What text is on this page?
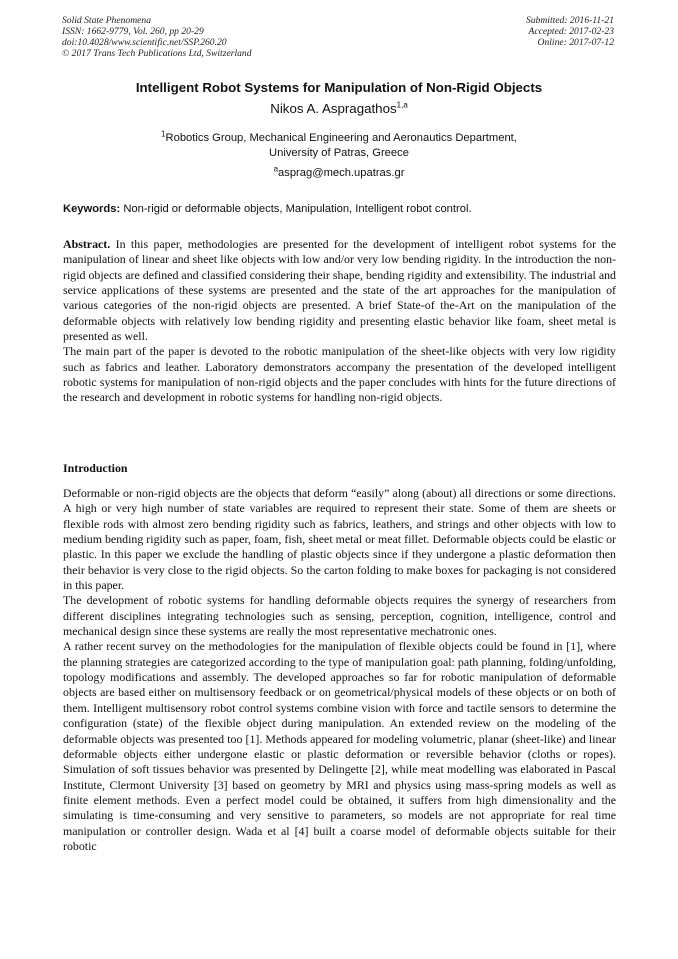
Solid State Phenomena
ISSN: 1662-9779, Vol. 260, pp 20-29
doi:10.4028/www.scientific.net/SSP.260.20
© 2017 Trans Tech Publications Ltd, Switzerland
Submitted: 2016-11-21
Accepted: 2017-02-23
Online: 2017-07-12
Intelligent Robot Systems for Manipulation of Non-Rigid Objects
Nikos A. Aspragathos$^{1,a}$
$^1$Robotics Group, Mechanical Engineering and Aeronautics Department,
University of Patras, Greece
$^a$asprag@mech.upatras.gr
Keywords: Non-rigid or deformable objects, Manipulation, Intelligent robot control.

Abstract. In this paper, methodologies are presented for the development of intelligent robot systems for the manipulation of linear and sheet like objects with low and/or very low bending rigidity. In the introduction the non-rigid objects are defined and classified considering their shape, bending rigidity and extensibility. The industrial and service applications of these systems are presented and the state of the art approaches for the manipulation of various categories of the non-rigid objects are presented. A brief State-of the-Art on the manipulation of the deformable objects with relatively low bending rigidity and presenting elastic behavior like foam, sheet metal is presented as well.

The main part of the paper is devoted to the robotic manipulation of the sheet-like objects with very low rigidity such as fabrics and leather. Laboratory demonstrators accompany the presentation of the developed intelligent robotic systems for manipulation of non-rigid objects and the paper concludes with hints for the future directions of the research and development in robotic systems for handling non-rigid objects.

Introduction

Deformable or non-rigid objects are the objects that deform “easily” along (about) all directions or some directions. A high or very high number of state variables are required to represent their state. Some of them are sheets or flexible rods with almost zero bending rigidity such as fabrics, leathers, and strings and other objects with low to medium bending rigidity such as paper, foam, fish, sheet metal or meat fillet. Deformable objects could be elastic or plastic. In this paper we exclude the handling of plastic objects since if they undergone a plastic deformation then their behavior is very close to the rigid objects. So the carton folding to make boxes for packaging is not considered in this paper.

The development of robotic systems for handling deformable objects requires the synergy of researchers from different disciplines integrating technologies such as sensing, perception, cognition, intelligence, control and mechanical design since these systems are really the most representative mechatronic ones.

A rather recent survey on the methodologies for the manipulation of flexible objects could be found in [1], where the planning strategies are categorized according to the type of manipulation goal: path planning, folding/unfolding, topology modifications and assembly. The developed approaches so far for robotic manipulation of deformable objects are based either on multisensory feedback or on geometrical/physical models of these objects or on both of them. Intelligent multisensory robot control systems combine vision with force and tactile sensors to determine the configuration (state) of the flexible object during manipulation. An extended review on the modeling of the deformable objects was presented too [1]. Methods appeared for modeling volumetric, planar (sheet-like) and linear deformable objects either undergone elastic or plastic deformation or reversible behavior (cloths or ropes). Simulation of soft tissues behavior was presented by Delingette [2], while meat modelling was elaborated in Pascal Institute, Clermont University [3] based on geometry by MRI and physics using mass-spring models as well as finite element methods. Even a perfect model could be obtained, it suffers from high dimensionality and the simulating is time-consuming and very sensitive to parameters, so models are not appropriate for real time manipulation or controller design. Wada et al [4] built a coarse model of deformable objects suitable for their robotic
